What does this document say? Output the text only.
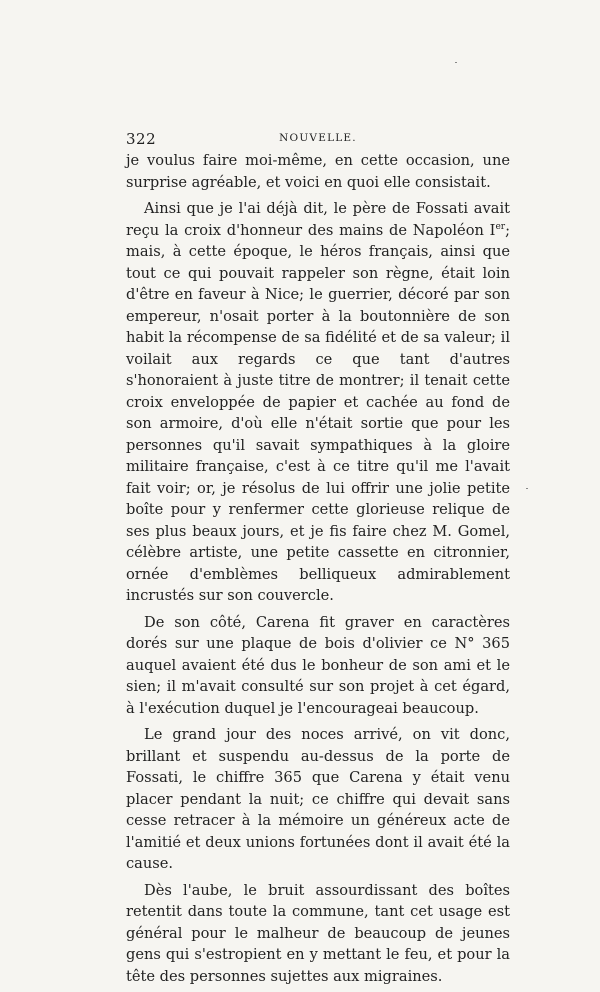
322	NOUVELLE.

je voulus faire moi-même, en cette occasion, une surprise agréable, et voici en quoi elle consistait.

Ainsi que je l'ai déjà dit, le père de Fossati avait reçu la croix d'honneur des mains de Napoléon Ier; mais, à cette époque, le héros français, ainsi que tout ce qui pouvait rappeler son règne, était loin d'être en faveur à Nice; le guerrier, décoré par son empereur, n'osait porter à la boutonnière de son habit la récompense de sa fidélité et de sa valeur; il voilait aux regards ce que tant d'autres s'honoraient à juste titre de montrer; il tenait cette croix enveloppée de papier et cachée au fond de son armoire, d'où elle n'était sortie que pour les personnes qu'il savait sympathiques à la gloire militaire française, c'est à ce titre qu'il me l'avait fait voir; or, je résolus de lui offrir une jolie petite boîte pour y renfermer cette glorieuse relique de ses plus beaux jours, et je fis faire chez M. Gomel, célèbre artiste, une petite cassette en citronnier, ornée d'emblèmes belliqueux admirablement incrustés sur son couvercle.

De son côté, Carena fit graver en caractères dorés sur une plaque de bois d'olivier ce N° 365 auquel avaient été dus le bonheur de son ami et le sien; il m'avait consulté sur son projet à cet égard, à l'exécution duquel je l'encourageai beaucoup.

Le grand jour des noces arrivé, on vit donc, brillant et suspendu au-dessus de la porte de Fossati, le chiffre 365 que Carena y était venu placer pendant la nuit; ce chiffre qui devait sans cesse retracer à la mémoire un généreux acte de l'amitié et deux unions fortunées dont il avait été la cause.

Dès l'aube, le bruit assourdissant des boîtes retentit dans toute la commune, tant cet usage est général pour le malheur de beaucoup de jeunes gens qui s'estropient en y mettant le feu, et pour la tête des personnes sujettes aux migraines.
